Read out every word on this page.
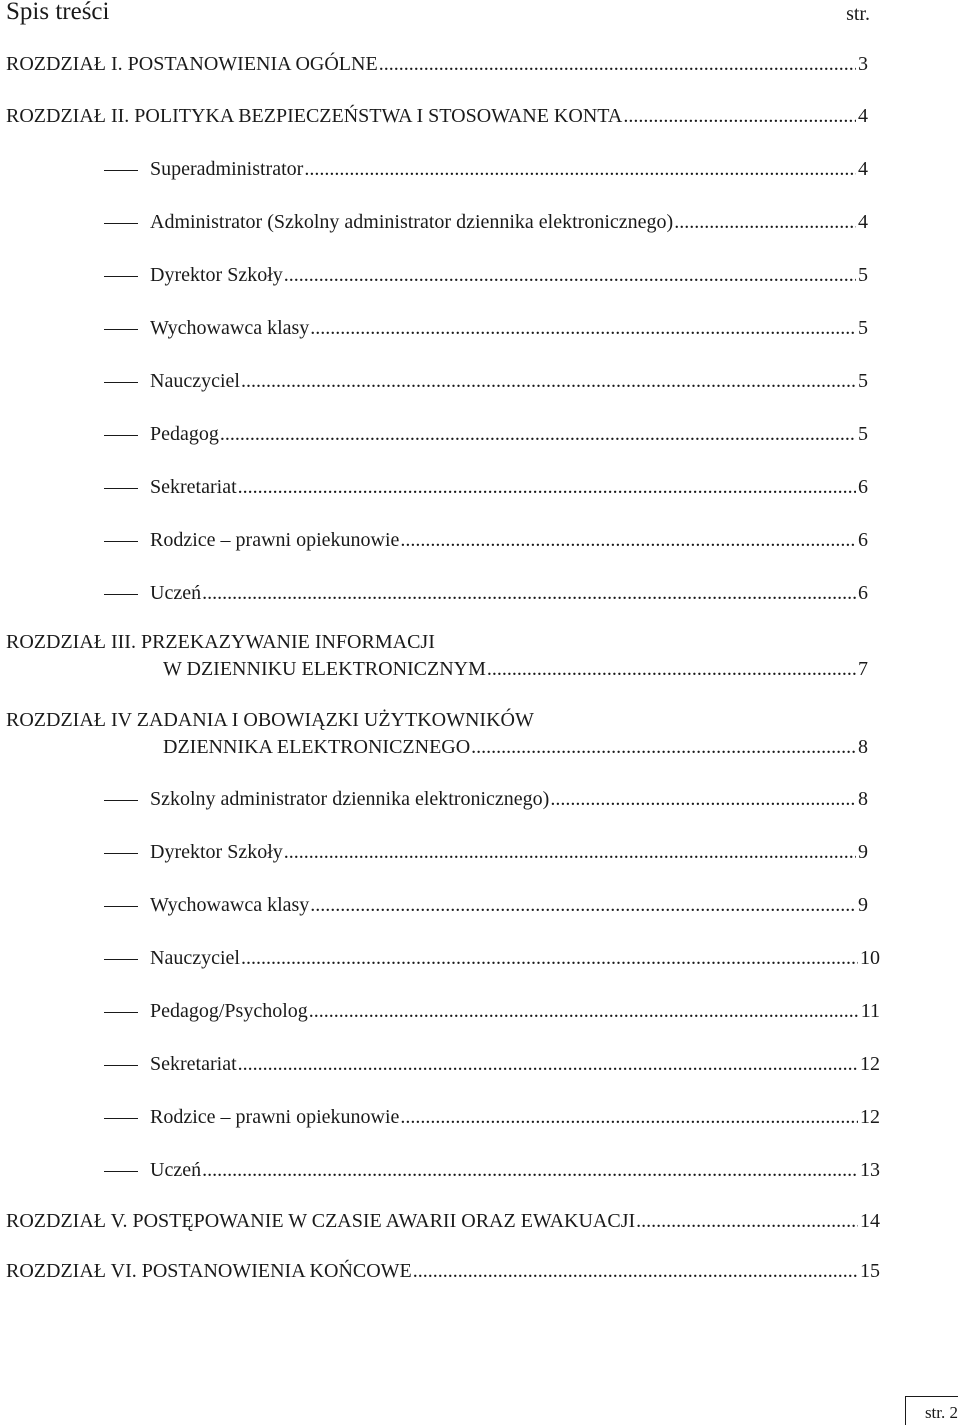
Spis treści	str.
ROZDZIAŁ I. POSTANOWIENIA OGÓLNE .....	3
ROZDZIAŁ II. POLITYKA BEZPIECZEŃSTWA I STOSOWANE KONTA .....	4
Superadministrator .....	4
Administrator (Szkolny administrator dziennika elektronicznego) .....	4
Dyrektor Szkoły .....	5
Wychowawca klasy .....	5
Nauczyciel .....	5
Pedagog .....	5
Sekretariat .....	6
Rodzice – prawni opiekunowie .....	6
Uczeń .....	6
ROZDZIAŁ III. PRZEKAZYWANIE INFORMACJI
W DZIENNIKU ELEKTRONICZNYM .....	7
ROZDZIAŁ IV ZADANIA I OBOWIĄZKI UŻYTKOWNIKÓW
DZIENNIKA ELEKTRONICZNEGO .....	8
Szkolny administrator dziennika elektronicznego) .....	8
Dyrektor Szkoły .....	9
Wychowawca klasy .....	9
Nauczyciel .....	10
Pedagog/Psycholog .....	11
Sekretariat .....	12
Rodzice – prawni opiekunowie .....	12
Uczeń .....	13
ROZDZIAŁ V. POSTĘPOWANIE W CZASIE AWARII ORAZ EWAKUACJI .....	14
ROZDZIAŁ VI. POSTANOWIENIA KOŃCOWE .....	15
str. 2
